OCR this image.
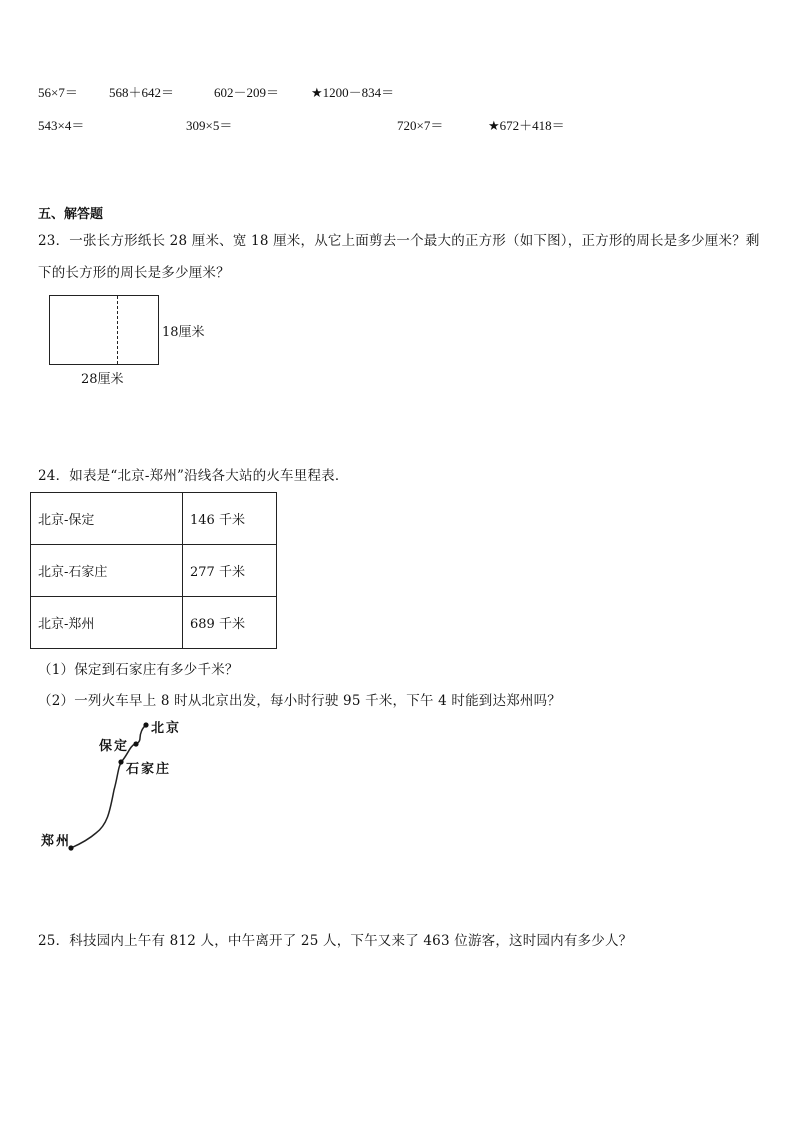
56×7＝ 568＋642＝	602－209＝ ★1200－834＝
543×4＝	309×5＝	720×7＝	★672＋418＝
五、解答题
23．一张长方形纸长 28 厘米、宽 18 厘米，从它上面剪去一个最大的正方形（如下图），正方形的周长是多少厘米？剩
下的长方形的周长是多少厘米？
18厘米
28厘米
24．如表是“北京-郑州”沿线各大站的火车里程表．
北京-保定	146 千米
北京-石家庄	277 千米
北京-郑州	689 千米
（1）保定到石家庄有多少千米？
（2）一列火车早上 8 时从北京出发，每小时行驶 95 千米，下午 4 时能到达郑州吗？
北京
保定
石家庄
郑州
25．科技园内上午有 812 人，中午离开了 25 人，下午又来了 463 位游客，这时园内有多少人？
